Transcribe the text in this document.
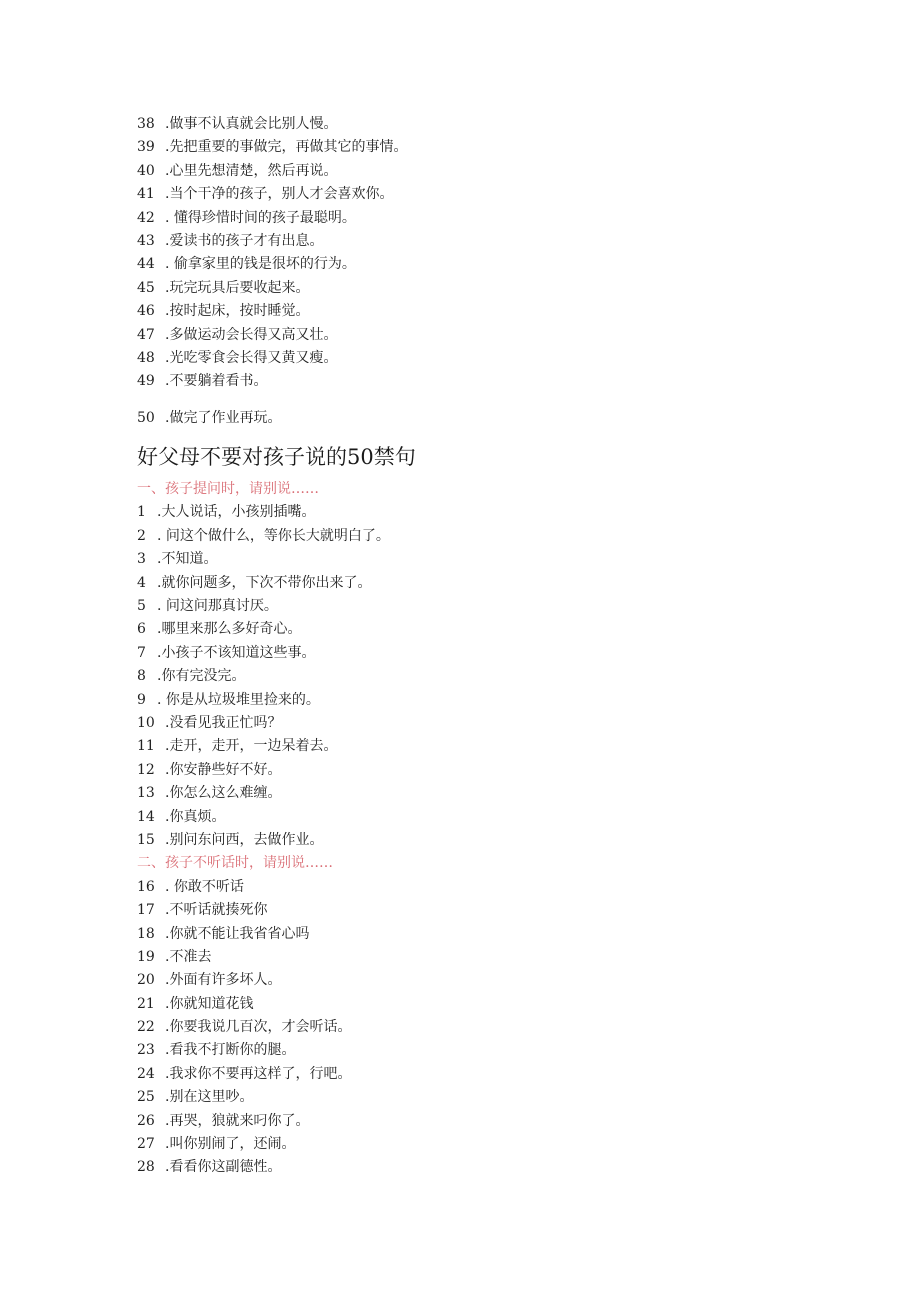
38 .做事不认真就会比别人慢。
39 .先把重要的事做完，再做其它的事情。
40 .心里先想清楚，然后再说。
41 .当个干净的孩子，别人才会喜欢你。
42 . 懂得珍惜时间的孩子最聪明。
43 .爱读书的孩子才有出息。
44 . 偷拿家里的钱是很坏的行为。
45 .玩完玩具后要收起来。
46 .按时起床，按时睡觉。
47 .多做运动会长得又高又壮。
48 .光吃零食会长得又黄又瘦。
49 .不要躺着看书。
50 .做完了作业再玩。
好父母不要对孩子说的50禁句
一、孩子提问时，请别说……
1 .大人说话，小孩别插嘴。
2 . 问这个做什么，等你长大就明白了。
3 .不知道。
4 .就你问题多，下次不带你出来了。
5 . 问这问那真讨厌。
6 .哪里来那么多好奇心。
7 .小孩子不该知道这些事。
8 .你有完没完。
9 . 你是从垃圾堆里捡来的。
10 .没看见我正忙吗？
11 .走开，走开，一边呆着去。
12 .你安静些好不好。
13 .你怎么这么难缠。
14 .你真烦。
15 .别问东问西，去做作业。
二、孩子不听话时，请别说……
16 . 你敢不听话
17 .不听话就揍死你
18 .你就不能让我省省心吗
19 .不准去
20 .外面有许多坏人。
21 .你就知道花钱
22 .你要我说几百次，才会听话。
23 .看我不打断你的腿。
24 .我求你不要再这样了，行吧。
25 .别在这里吵。
26 .再哭，狼就来叼你了。
27 .叫你别闹了，还闹。
28 .看看你这副德性。
